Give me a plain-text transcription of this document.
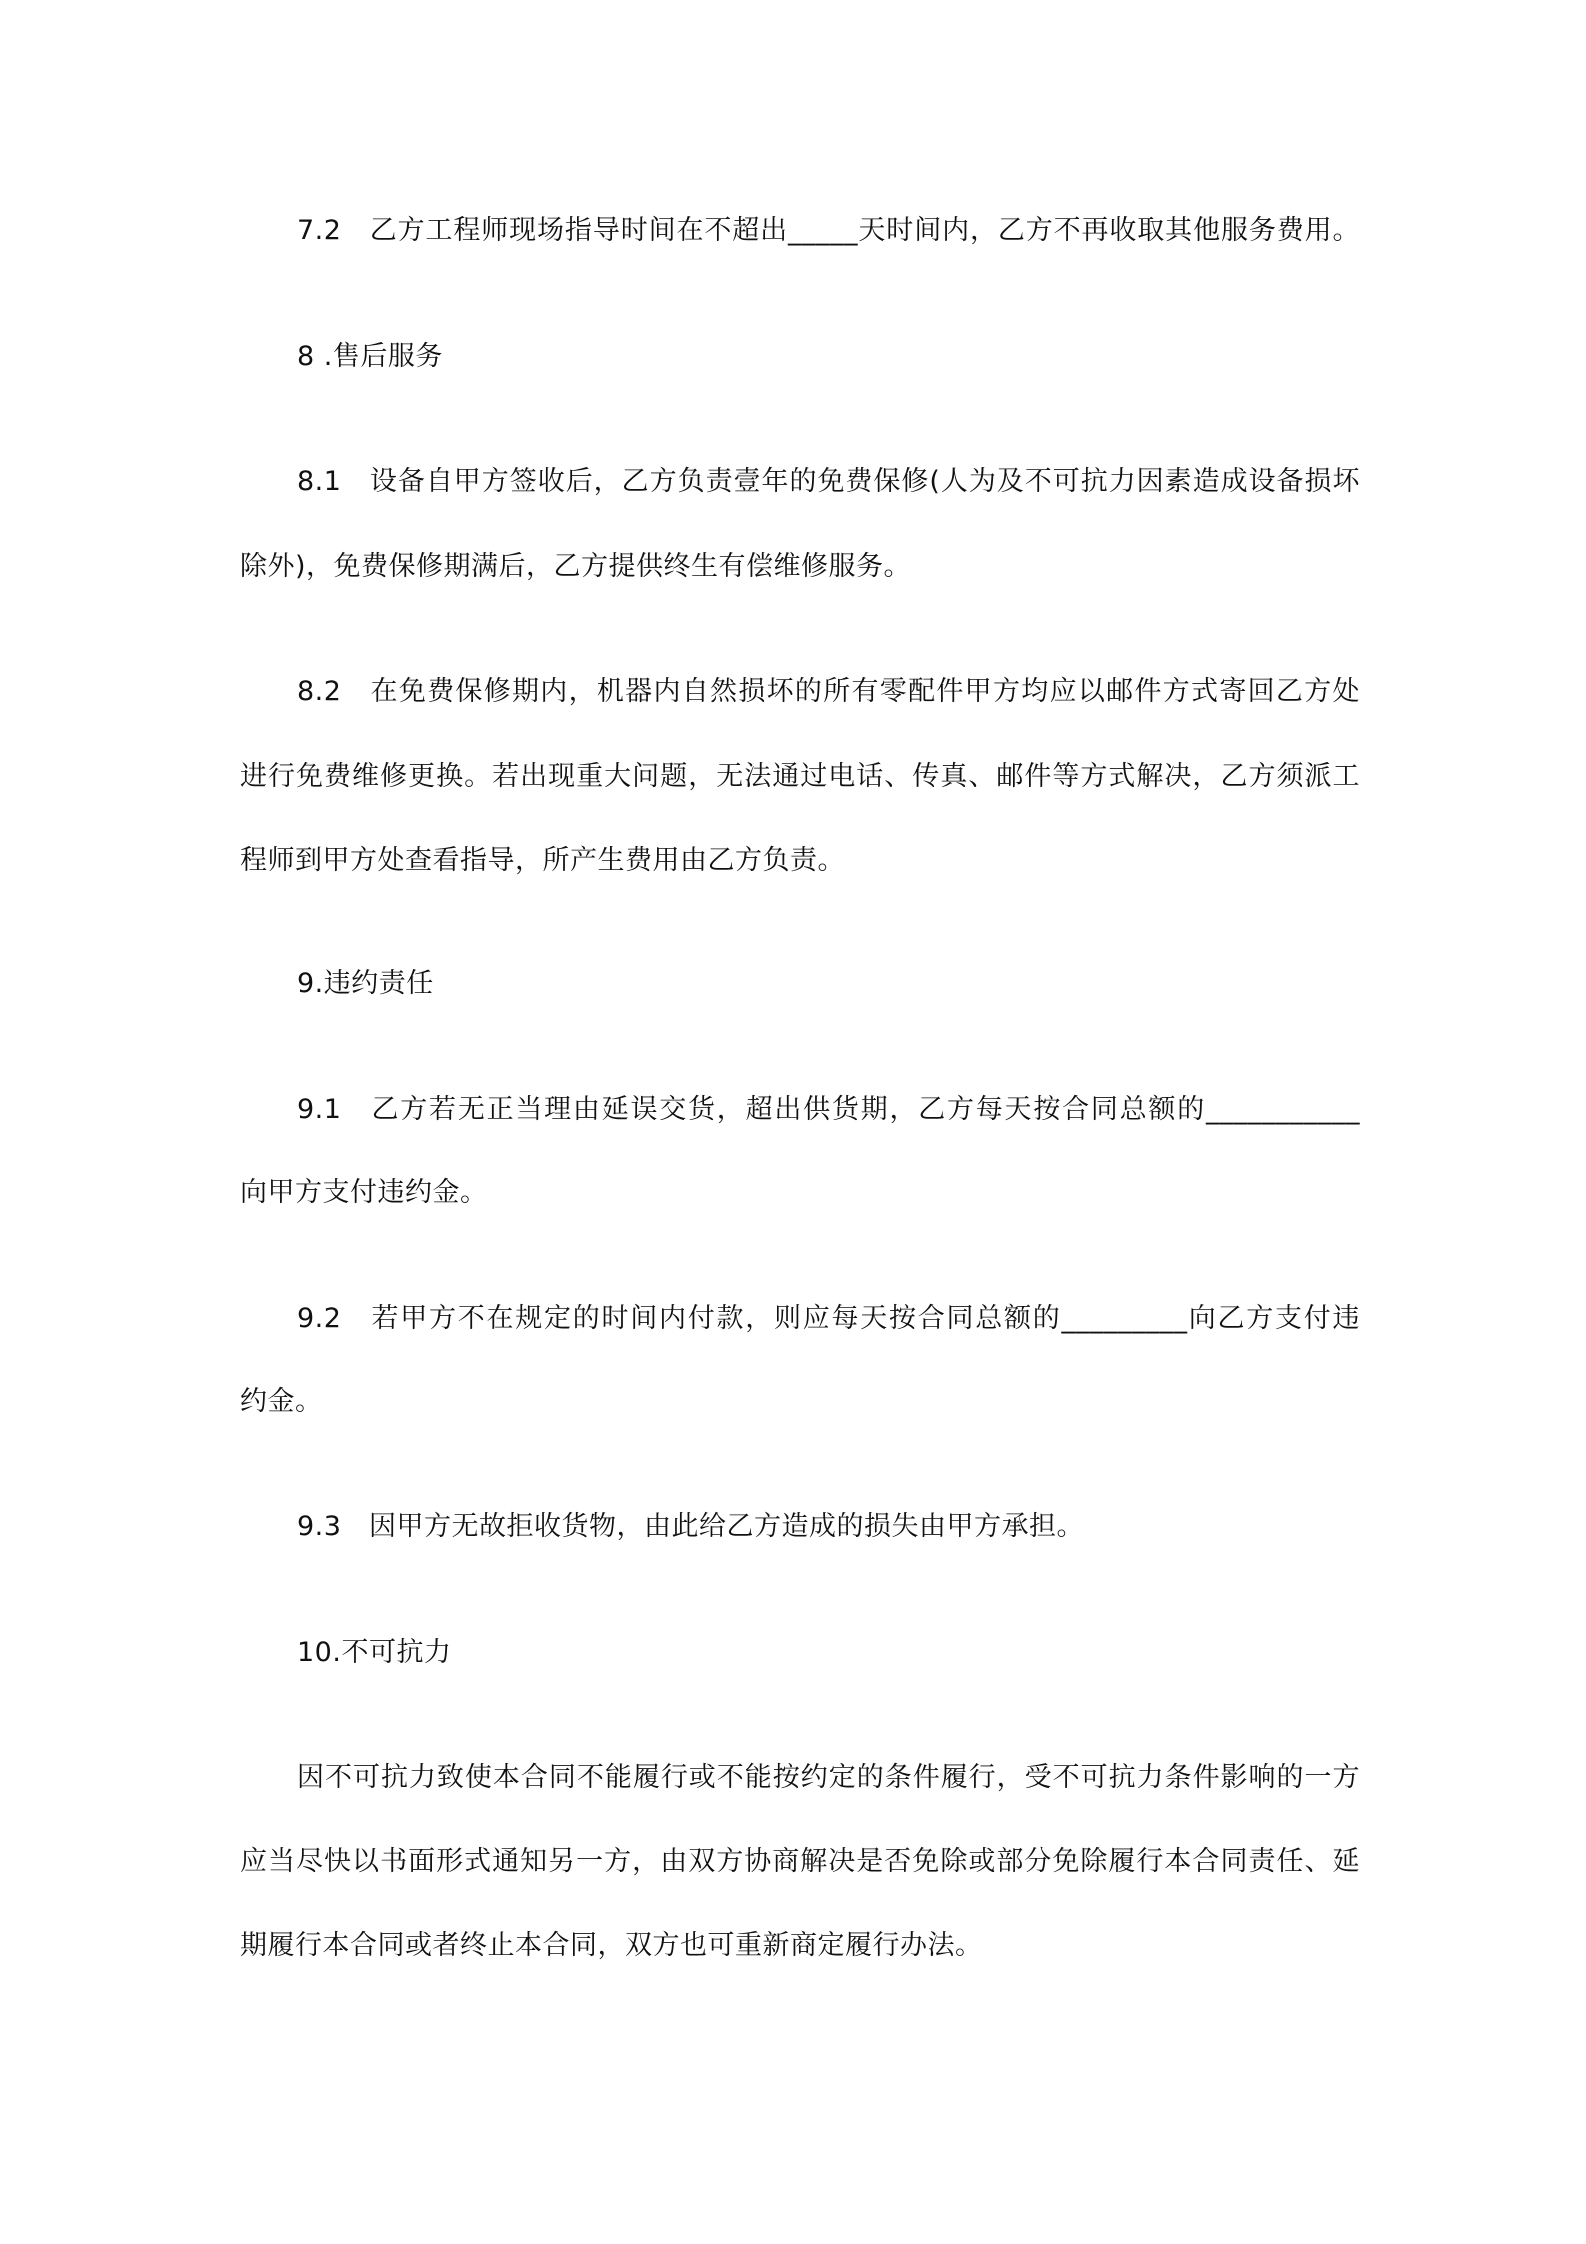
7.2　乙方工程师现场指导时间在不超出_____天时间内，乙方不再收取其他服务费用。
8 .售后服务
8.1　设备自甲方签收后，乙方负责壹年的免费保修(人为及不可抗力因素造成设备损坏
除外)，免费保修期满后，乙方提供终生有偿维修服务。
8.2　在免费保修期内，机器内自然损坏的所有零配件甲方均应以邮件方式寄回乙方处
进行免费维修更换。若出现重大问题，无法通过电话、传真、邮件等方式解决，乙方须派工
程师到甲方处查看指导，所产生费用由乙方负责。
9.违约责任
9.1　乙方若无正当理由延误交货，超出供货期，乙方每天按合同总额的___________
向甲方支付违约金。
9.2　若甲方不在规定的时间内付款，则应每天按合同总额的_________向乙方支付违
约金。
9.3　因甲方无故拒收货物，由此给乙方造成的损失由甲方承担。
10.不可抗力
因不可抗力致使本合同不能履行或不能按约定的条件履行，受不可抗力条件影响的一方
应当尽快以书面形式通知另一方，由双方协商解决是否免除或部分免除履行本合同责任、延
期履行本合同或者终止本合同，双方也可重新商定履行办法。
